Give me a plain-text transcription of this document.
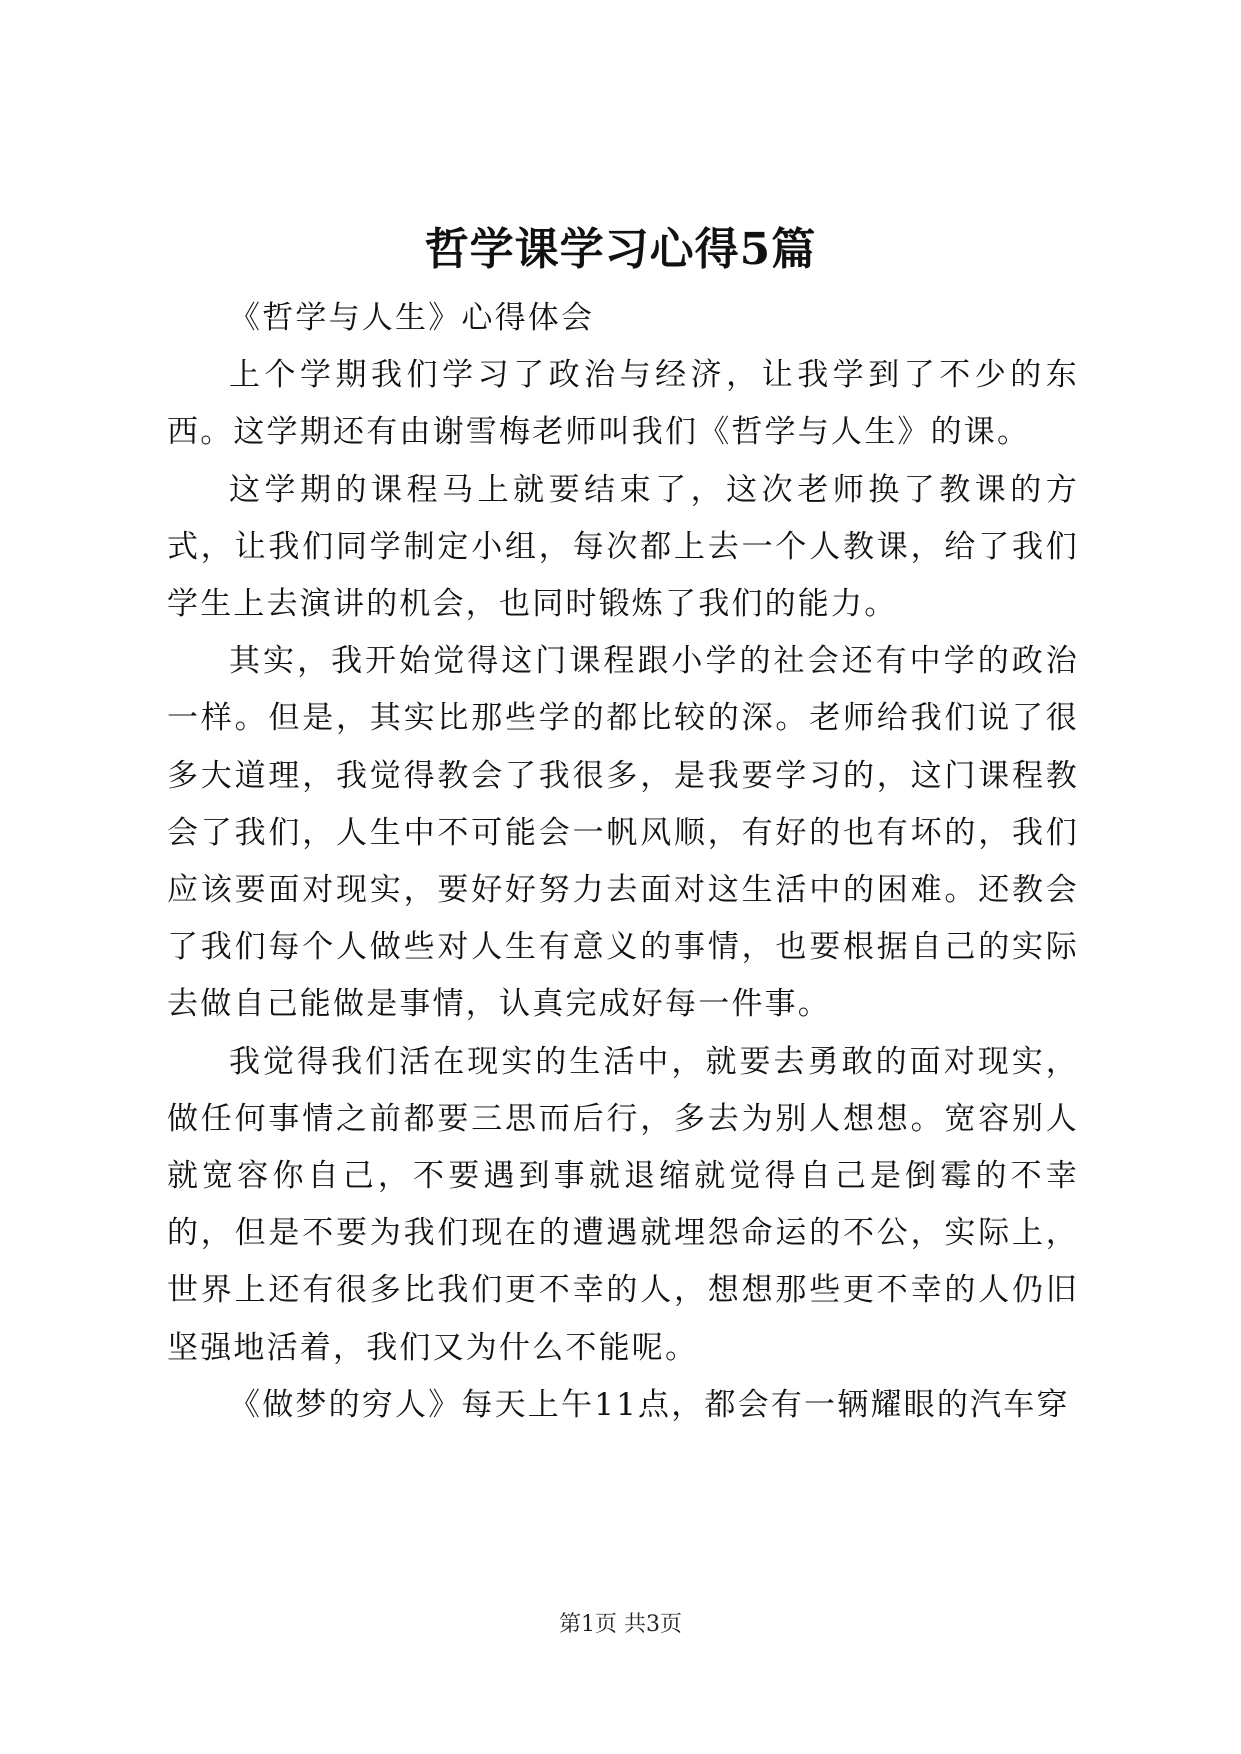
哲学课学习心得5篇

《哲学与人生》心得体会

上个学期我们学习了政治与经济，让我学到了不少的东西。这学期还有由谢雪梅老师叫我们《哲学与人生》的课。

这学期的课程马上就要结束了，这次老师换了教课的方式，让我们同学制定小组，每次都上去一个人教课，给了我们学生上去演讲的机会，也同时锻炼了我们的能力。

其实，我开始觉得这门课程跟小学的社会还有中学的政治一样。但是，其实比那些学的都比较的深。老师给我们说了很多大道理，我觉得教会了我很多，是我要学习的，这门课程教会了我们，人生中不可能会一帆风顺，有好的也有坏的，我们应该要面对现实，要好好努力去面对这生活中的困难。还教会了我们每个人做些对人生有意义的事情，也要根据自己的实际去做自己能做是事情，认真完成好每一件事。

我觉得我们活在现实的生活中，就要去勇敢的面对现实，做任何事情之前都要三思而后行，多去为别人想想。宽容别人就宽容你自己，不要遇到事就退缩就觉得自己是倒霉的不幸的，但是不要为我们现在的遭遇就埋怨命运的不公，实际上，世界上还有很多比我们更不幸的人，想想那些更不幸的人仍旧坚强地活着，我们又为什么不能呢。

《做梦的穷人》每天上午11点，都会有一辆耀眼的汽车穿

第1页 共3页
